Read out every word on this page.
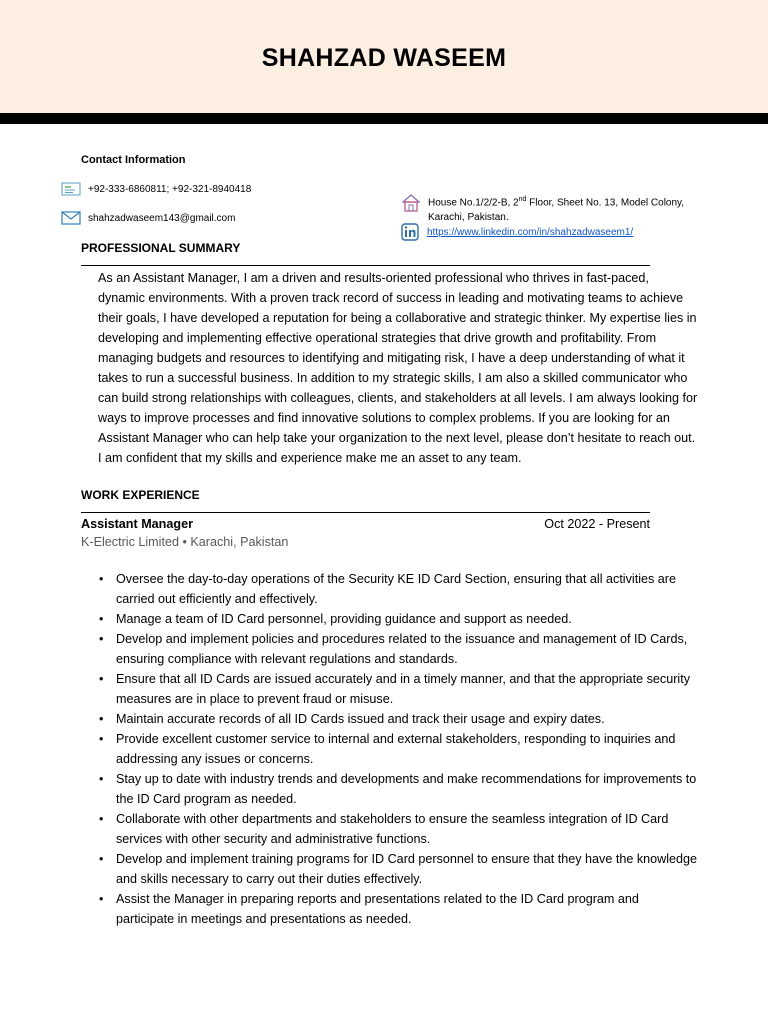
SHAHZAD WASEEM
Contact Information
+92-333-6860811; +92-321-8940418
shahzadwaseem143@gmail.com
House No.1/2/2-B, 2nd Floor, Sheet No. 13, Model Colony,
Karachi, Pakistan.
https://www.linkedin.com/in/shahzadwaseem1/
PROFESSIONAL SUMMARY

As an Assistant Manager, I am a driven and results-oriented professional who thrives in fast-paced, dynamic environments. With a proven track record of success in leading and motivating teams to achieve their goals, I have developed a reputation for being a collaborative and strategic thinker. My expertise lies in developing and implementing effective operational strategies that drive growth and profitability. From managing budgets and resources to identifying and mitigating risk, I have a deep understanding of what it takes to run a successful business. In addition to my strategic skills, I am also a skilled communicator who can build strong relationships with colleagues, clients, and stakeholders at all levels. I am always looking for ways to improve processes and find innovative solutions to complex problems. If you are looking for an Assistant Manager who can help take your organization to the next level, please don’t hesitate to reach out. I am confident that my skills and experience make me an asset to any team.

WORK EXPERIENCE
Assistant Manager	Oct 2022 - Present
K-Electric Limited • Karachi, Pakistan
• Oversee the day-to-day operations of the Security KE ID Card Section, ensuring that all activities are carried out efficiently and effectively.
• Manage a team of ID Card personnel, providing guidance and support as needed.
• Develop and implement policies and procedures related to the issuance and management of ID Cards, ensuring compliance with relevant regulations and standards.
• Ensure that all ID Cards are issued accurately and in a timely manner, and that the appropriate security measures are in place to prevent fraud or misuse.
• Maintain accurate records of all ID Cards issued and track their usage and expiry dates.
• Provide excellent customer service to internal and external stakeholders, responding to inquiries and addressing any issues or concerns.
• Stay up to date with industry trends and developments and make recommendations for improvements to the ID Card program as needed.
• Collaborate with other departments and stakeholders to ensure the seamless integration of ID Card services with other security and administrative functions.
• Develop and implement training programs for ID Card personnel to ensure that they have the knowledge and skills necessary to carry out their duties effectively.
• Assist the Manager in preparing reports and presentations related to the ID Card program and participate in meetings and presentations as needed.
